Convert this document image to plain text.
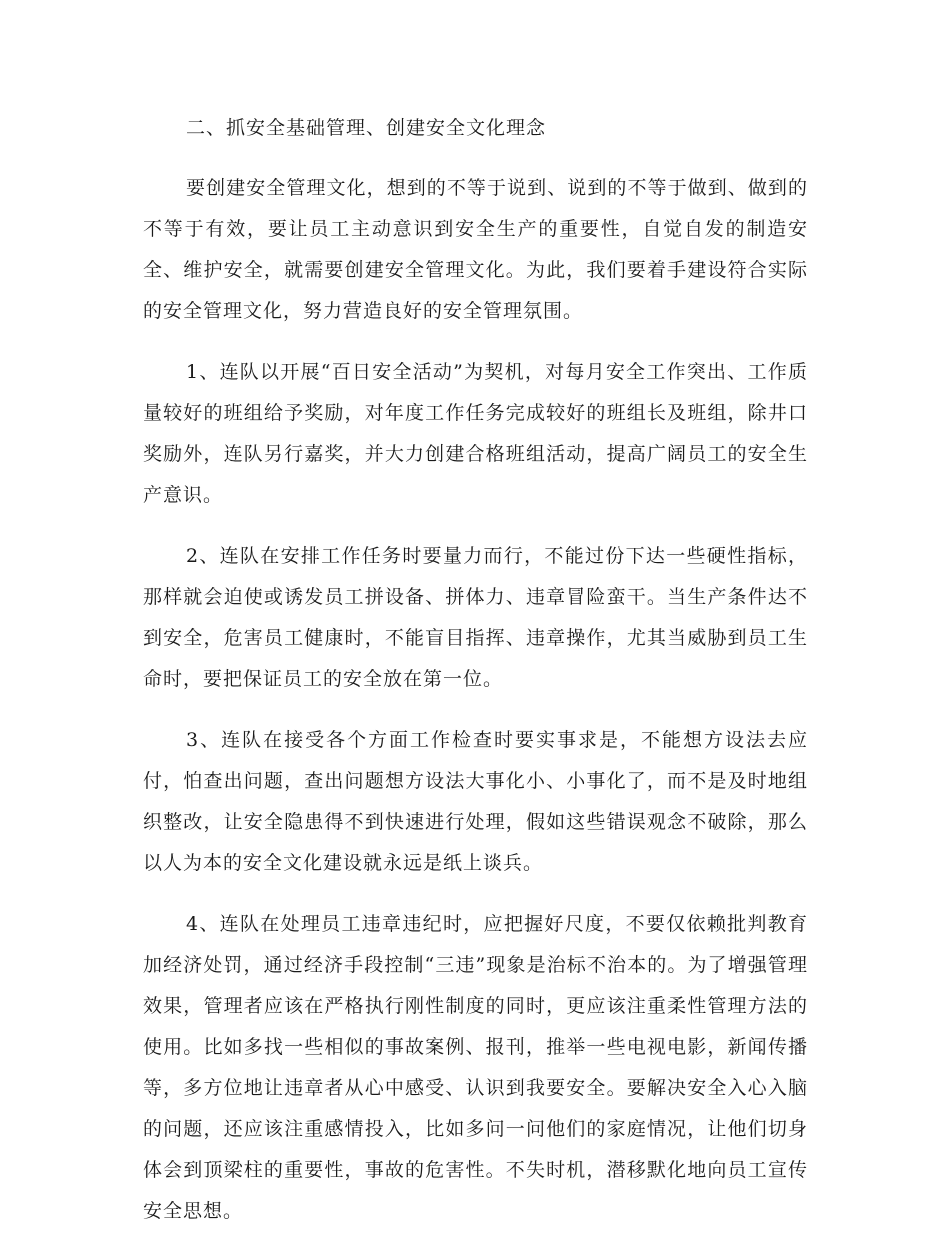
二、抓安全基础管理、创建安全文化理念

要创建安全管理文化，想到的不等于说到、说到的不等于做到、做到的不等于有效，要让员工主动意识到安全生产的重要性，自觉自发的制造安全、维护安全，就需要创建安全管理文化。为此，我们要着手建设符合实际的安全管理文化，努力营造良好的安全管理氛围。

1、连队以开展“百日安全活动”为契机，对每月安全工作突出、工作质量较好的班组给予奖励，对年度工作任务完成较好的班组长及班组，除井口奖励外，连队另行嘉奖，并大力创建合格班组活动，提高广阔员工的安全生产意识。

2、连队在安排工作任务时要量力而行，不能过份下达一些硬性指标，那样就会迫使或诱发员工拼设备、拼体力、违章冒险蛮干。当生产条件达不到安全，危害员工健康时，不能盲目指挥、违章操作，尤其当威胁到员工生命时，要把保证员工的安全放在第一位。

3、连队在接受各个方面工作检查时要实事求是，不能想方设法去应付，怕查出问题，查出问题想方设法大事化小、小事化了，而不是及时地组织整改，让安全隐患得不到快速进行处理，假如这些错误观念不破除，那么以人为本的安全文化建设就永远是纸上谈兵。

4、连队在处理员工违章违纪时，应把握好尺度，不要仅依赖批判教育加经济处罚，通过经济手段控制“三违”现象是治标不治本的。为了增强管理效果，管理者应该在严格执行刚性制度的同时，更应该注重柔性管理方法的使用。比如多找一些相似的事故案例、报刊，推举一些电视电影，新闻传播等，多方位地让违章者从心中感受、认识到我要安全。要解决安全入心入脑的问题，还应该注重感情投入，比如多问一问他们的家庭情况，让他们切身体会到顶梁柱的重要性，事故的危害性。不失时机，潜移默化地向员工宣传安全思想。
